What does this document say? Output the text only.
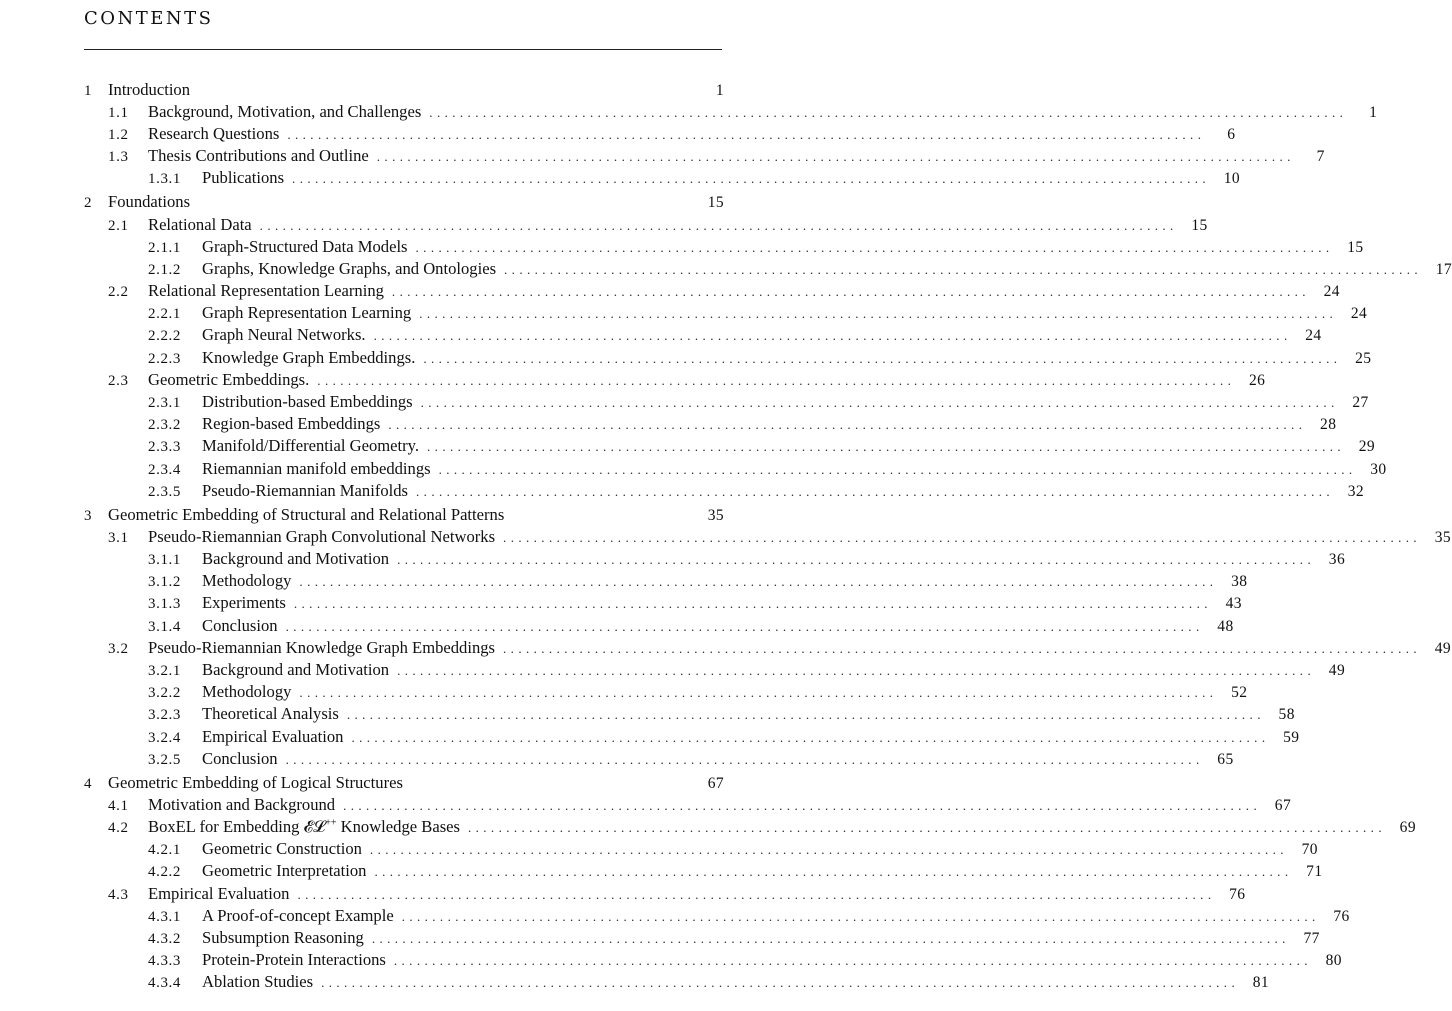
CONTENTS
1 Introduction	1
1.1	Background, Motivation, and Challenges ........................................................................................................................	1
1.2	Research Questions ........................................................................................................................	6
1.3	Thesis Contributions and Outline ........................................................................................................................	7
1.3.1	Publications ........................................................................................................................ 10
2 Foundations	15
2.1	Relational Data ........................................................................................................................ 15
2.1.1	Graph-Structured Data Models ........................................................................................................................ 15
2.1.2	Graphs, Knowledge Graphs, and Ontologies ........................................................................................................................ 17
2.2	Relational Representation Learning ........................................................................................................................ 24
2.2.1	Graph Representation Learning ........................................................................................................................ 24
2.2.2	Graph Neural Networks. ........................................................................................................................ 24
2.2.3	Knowledge Graph Embeddings. ........................................................................................................................ 25
2.3	Geometric Embeddings. ........................................................................................................................ 26
2.3.1	Distribution-based Embeddings ........................................................................................................................ 27
2.3.2	Region-based Embeddings ........................................................................................................................ 28
2.3.3	Manifold/Differential Geometry. ........................................................................................................................ 29
2.3.4	Riemannian manifold embeddings ........................................................................................................................ 30
2.3.5	Pseudo-Riemannian Manifolds ........................................................................................................................ 32
3 Geometric Embedding of Structural and Relational Patterns	35
3.1	Pseudo-Riemannian Graph Convolutional Networks ........................................................................................................................ 35
3.1.1	Background and Motivation ........................................................................................................................ 36
3.1.2	Methodology ........................................................................................................................ 38
3.1.3	Experiments ........................................................................................................................ 43
3.1.4	Conclusion ........................................................................................................................ 48
3.2	Pseudo-Riemannian Knowledge Graph Embeddings ........................................................................................................................ 49
3.2.1	Background and Motivation ........................................................................................................................ 49
3.2.2	Methodology ........................................................................................................................ 52
3.2.3	Theoretical Analysis ........................................................................................................................ 58
3.2.4	Empirical Evaluation ........................................................................................................................ 59
3.2.5	Conclusion ........................................................................................................................ 65
4 Geometric Embedding of Logical Structures	67
4.1	Motivation and Background ........................................................................................................................ 67
4.2	BoxEL for Embedding 𝓔𝓛++ Knowledge Bases ........................................................................................................................ 69
4.2.1	Geometric Construction ........................................................................................................................ 70
4.2.2	Geometric Interpretation ........................................................................................................................ 71
4.3	Empirical Evaluation ........................................................................................................................ 76
4.3.1	A Proof-of-concept Example ........................................................................................................................ 76
4.3.2	Subsumption Reasoning ........................................................................................................................ 77
4.3.3	Protein-Protein Interactions ........................................................................................................................ 80
4.3.4	Ablation Studies ........................................................................................................................ 81
